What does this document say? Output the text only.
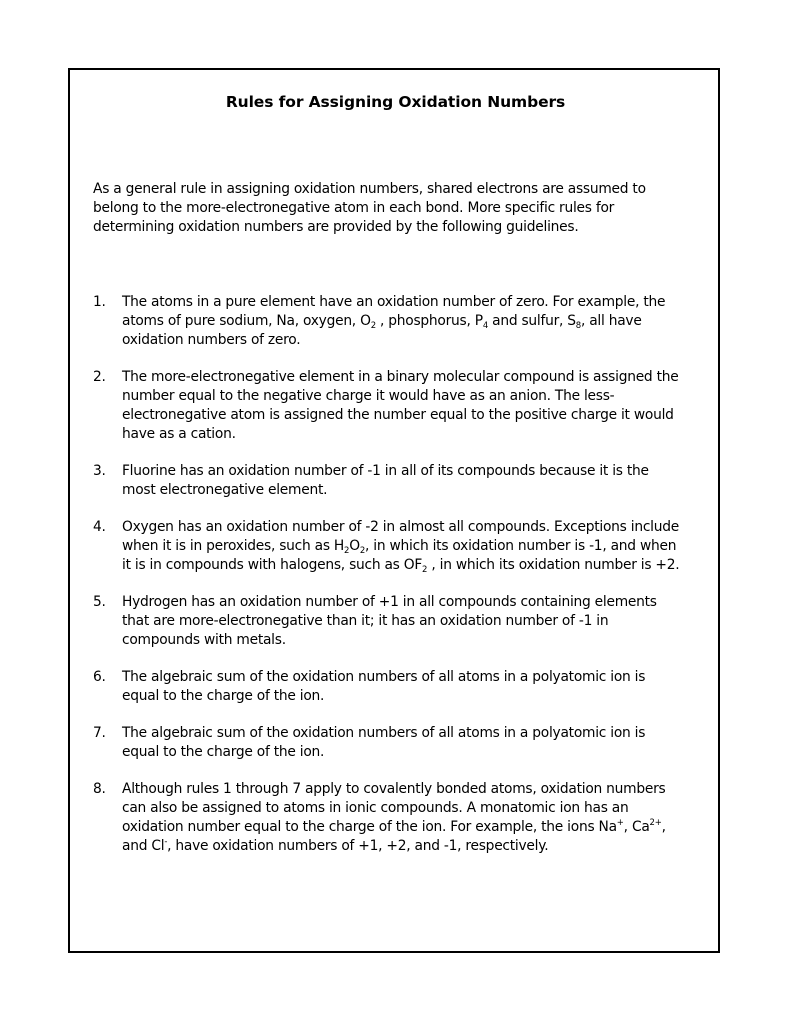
Rules for Assigning Oxidation Numbers
As a general rule in assigning oxidation numbers, shared electrons are assumed to
belong to the more-electronegative atom in each bond. More specific rules for
determining oxidation numbers are provided by the following guidelines.
1.	The atoms in a pure element have an oxidation number of zero. For example, the
atoms of pure sodium, Na, oxygen, $O_2$ , phosphorus, $P_4$ and sulfur, $S_8$, all have
oxidation numbers of zero.
2.	The more-electronegative element in a binary molecular compound is assigned the
number equal to the negative charge it would have as an anion. The less-
electronegative atom is assigned the number equal to the positive charge it would
have as a cation.
3.	Fluorine has an oxidation number of -1 in all of its compounds because it is the
most electronegative element.
4.	Oxygen has an oxidation number of -2 in almost all compounds. Exceptions include
when it is in peroxides, such as $H_2O_2$, in which its oxidation number is -1, and when
it is in compounds with halogens, such as $OF_2$ , in which its oxidation number is +2.
5.	Hydrogen has an oxidation number of +1 in all compounds containing elements
that are more-electronegative than it; it has an oxidation number of -1 in
compounds with metals.
6.	The algebraic sum of the oxidation numbers of all atoms in a polyatomic ion is
equal to the charge of the ion.
7.	The algebraic sum of the oxidation numbers of all atoms in a polyatomic ion is
equal to the charge of the ion.
8.	Although rules 1 through 7 apply to covalently bonded atoms, oxidation numbers
can also be assigned to atoms in ionic compounds. A monatomic ion has an
oxidation number equal to the charge of the ion. For example, the ions Na+, $Ca^{2+}$,
and Cl-, have oxidation numbers of +1, +2, and -1, respectively.
